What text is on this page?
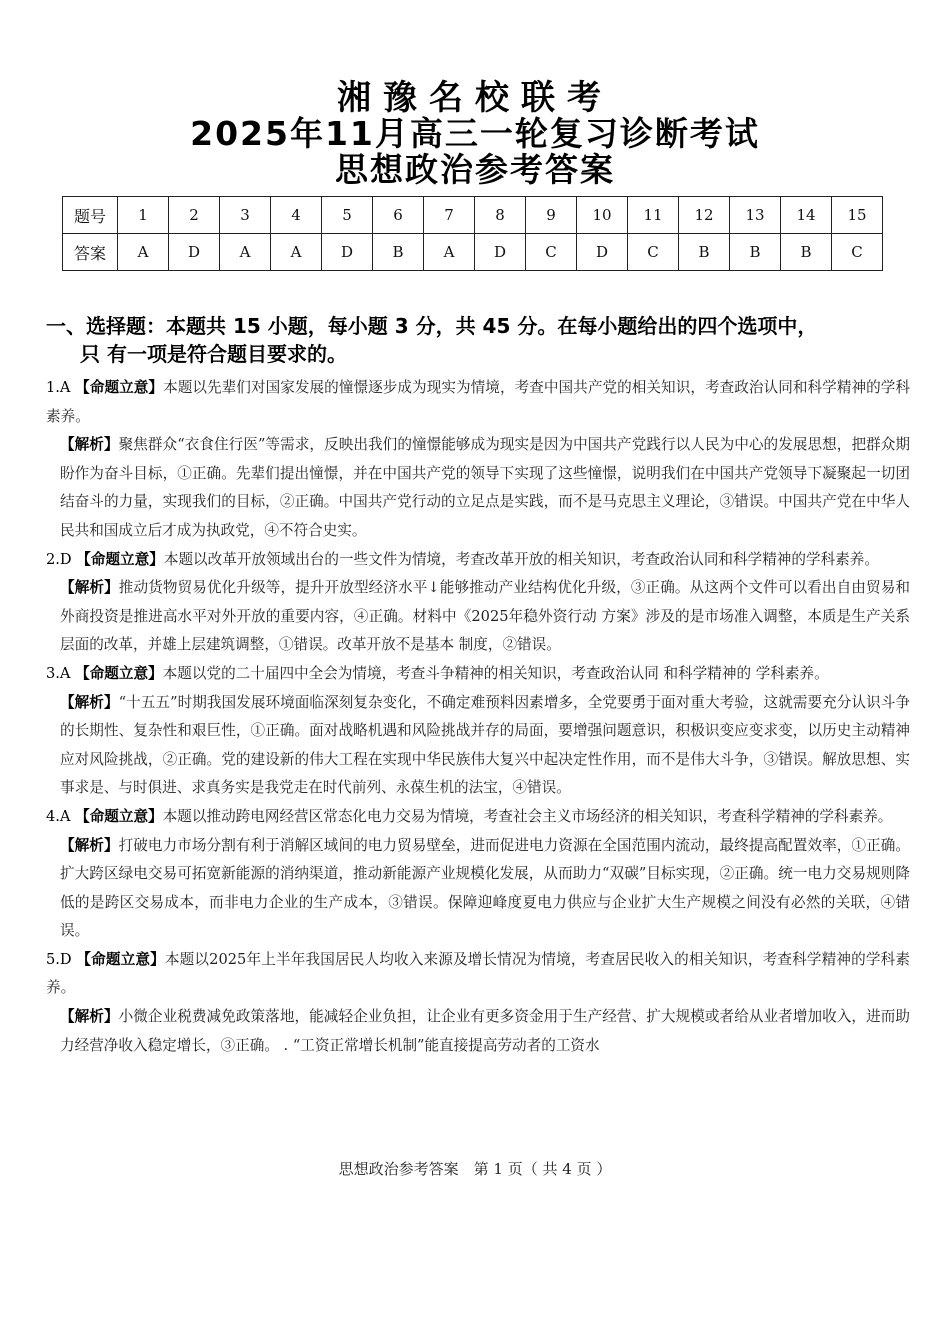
湘豫名校联考
2025年11月高三一轮复习诊断考试
思想政治参考答案
题号	1	2	3	4	5	6	7	8	9	10	11	12	13	14	15
答案	A	D	A	A	D	B	A	D	C	D	C	B	B	B	C
一、选择题：本题共 15 小题，每小题 3 分，共 45 分。在每小题给出的四个选项中，
只 有一项是符合题目要求的。

1.A 【命题立意】本题以先辈们对国家发展的憧憬逐步成为现实为情境，考查中国共产党的相关知识，考查政治认同和科学精神的学科素养。

【解析】聚焦群众“衣食住行医”等需求，反映出我们的憧憬能够成为现实是因为中国共产党践行以人民为中心的发展思想，把群众期盼作为奋斗目标，①正确。先辈们提出憧憬，并在中国共产党的领导下实现了这些憧憬，说明我们在中国共产党领导下凝聚起一切团结奋斗的力量，实现我们的目标，②正确。中国共产党行动的立足点是实践，而不是马克思主义理论，③错误。中国共产党在中华人民共和国成立后才成为执政党，④不符合史实。

2.D 【命题立意】本题以改革开放领域出台的一些文件为情境，考查改革开放的相关知识，考查政治认同和科学精神的学科素养。

【解析】推动货物贸易优化升级等，提升开放型经济水平↓能够推动产业结构优化升级，③正确。从这两个文件可以看出自由贸易和外商投资是推进高水平对外开放的重要内容，④正确。材料中《2025年稳外资行动 方案》涉及的是市场准入调整，本质是生产关系层面的改革，并雄上层建筑调整，①错误。改革开放不是基本 制度，②错误。

3.A 【命题立意】本题以党的二十届四中全会为情境，考查斗争精神的相关知识，考查政治认同 和科学精神的 学科素养。

【解析】“十五五”时期我国发展环境面临深刻复杂变化，不确定难预料因素增多，全党要勇于面对重大考验，这就需要充分认识斗争的长期性、复杂性和艰巨性，①正确。面对战略机遇和风险挑战并存的局面，要增强问题意识，积极识变应变求变，以历史主动精神应对风险挑战，②正确。党的建设新的伟大工程在实现中华民族伟大复兴中起决定性作用，而不是伟大斗争，③错误。解放思想、实事求是、与时俱进、求真务实是我党走在时代前列、永葆生机的法宝，④错误。

4.A 【命题立意】本题以推动跨电网经营区常态化电力交易为情境，考查社会主义市场经济的相关知识，考查科学精神的学科素养。

【解析】打破电力市场分割有利于消解区域间的电力贸易壁垒，进而促进电力资源在全国范围内流动，最终提高配置效率，①正确。扩大跨区绿电交易可拓宽新能源的消纳渠道，推动新能源产业规模化发展，从而助力“双碳”目标实现，②正确。统一电力交易规则降低的是跨区交易成本，而非电力企业的生产成本，③错误。保障迎峰度夏电力供应与企业扩大生产规模之间没有必然的关联，④错误。

5.D 【命题立意】本题以2025年上半年我国居民人均收入来源及增长情况为情境，考查居民收入的相关知识，考查科学精神的学科素养。

【解析】小微企业税费减免政策落地，能减轻企业负担，让企业有更多资金用于生产经营、扩大规模或者给从业者增加收入，进而助力经营净收入稳定增长，③正确。 . “工资正常增长机制”能直接提高劳动者的工资水

思想政治参考答案　第 1 页（ 共 4 页 ）
